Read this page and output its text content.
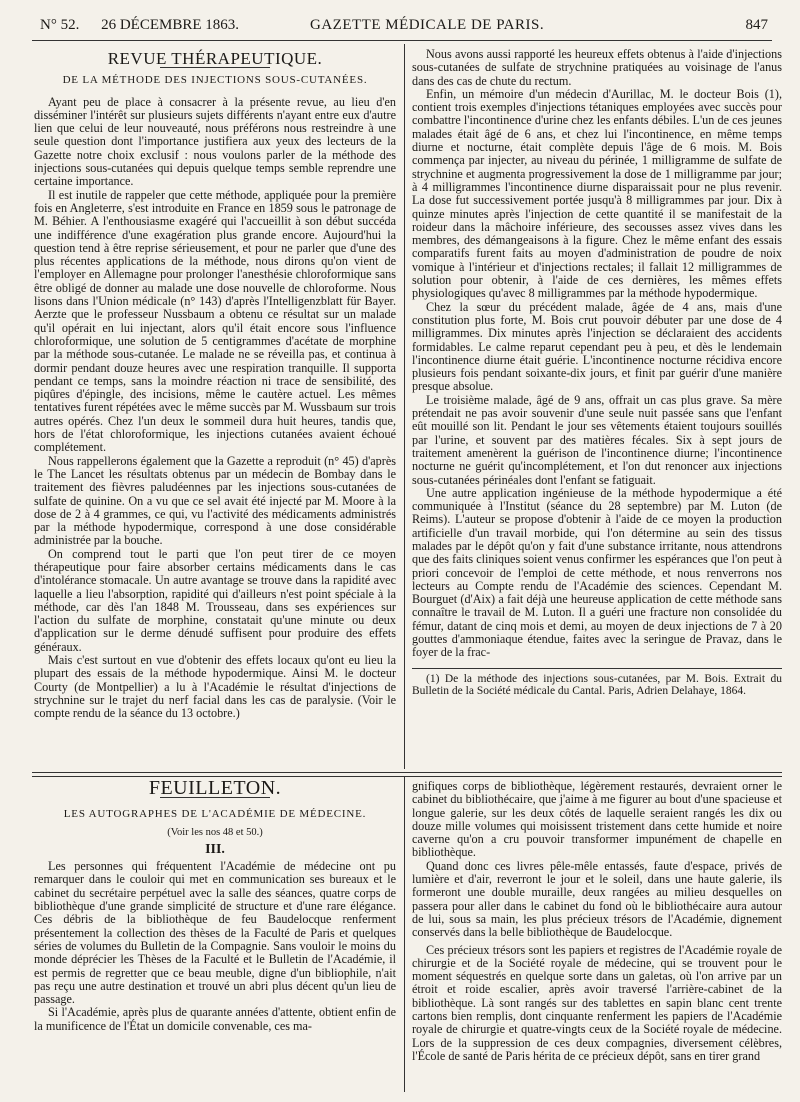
N° 52. 26 DÉCEMBRE 1863.	GAZETTE MÉDICALE DE PARIS.	847
REVUE THÉRAPEUTIQUE.
DE LA MÉTHODE DES INJECTIONS SOUS-CUTANÉES.

Ayant peu de place à consacrer à la présente revue, au lieu d'en disséminer l'intérêt sur plusieurs sujets différents n'ayant entre eux d'autre lien que celui de leur nouveauté, nous préférons nous restreindre à une seule question dont l'importance justifiera aux yeux des lecteurs de la Gazette notre choix exclusif : nous voulons parler de la méthode des injections sous-cutanées qui depuis quelque temps semble reprendre une certaine importance.

Il est inutile de rappeler que cette méthode, appliquée pour la première fois en Angleterre, s'est introduite en France en 1859 sous le patronage de M. Béhier. A l'enthousiasme exagéré qui l'accueillit à son début succéda une indifférence d'une exagération plus grande encore. Aujourd'hui la question tend à être reprise sérieusement, et pour ne parler que d'une des plus récentes applications de la méthode, nous dirons qu'on vient de l'employer en Allemagne pour prolonger l'anesthésie chloroformique sans être obligé de donner au malade une dose nouvelle de chloroforme. Nous lisons dans l'Union médicale (n° 143) d'après l'Intelligenzblatt für Bayer. Aerzte que le professeur Nussbaum a obtenu ce résultat sur un malade qu'il opérait en lui injectant, alors qu'il était encore sous l'influence chloroformique, une solution de 5 centigrammes d'acétate de morphine par la méthode sous-cutanée. Le malade ne se réveilla pas, et continua à dormir pendant douze heures avec une respiration tranquille. Il supporta pendant ce temps, sans la moindre réaction ni trace de sensibilité, des piqûres d'épingle, des incisions, même le cautère actuel. Les mêmes tentatives furent répétées avec le même succès par M. Wussbaum sur trois autres opérés. Chez l'un deux le sommeil dura huit heures, tandis que, hors de l'état chloroformique, les injections cutanées avaient échoué complétement.

Nous rappellerons également que la Gazette a reproduit (n° 45) d'après le The Lancet les résultats obtenus par un médecin de Bombay dans le traitement des fièvres paludéennes par les injections sous-cutanées de sulfate de quinine. On a vu que ce sel avait été injecté par M. Moore à la dose de 2 à 4 grammes, ce qui, vu l'activité des médicaments administrés par la méthode hypodermique, correspond à une dose considérable administrée par la bouche.

On comprend tout le parti que l'on peut tirer de ce moyen thérapeutique pour faire absorber certains médicaments dans le cas d'intolérance stomacale. Un autre avantage se trouve dans la rapidité avec laquelle a lieu l'absorption, rapidité qui d'ailleurs n'est point spéciale à la méthode, car dès l'an 1848 M. Trousseau, dans ses expériences sur l'action du sulfate de morphine, constatait qu'une minute ou deux d'application sur le derme dénudé suffisent pour produire des effets généraux.

Mais c'est surtout en vue d'obtenir des effets locaux qu'ont eu lieu la plupart des essais de la méthode hypodermique. Ainsi M. le docteur Courty (de Montpellier) a lu à l'Académie le résultat d'injections de strychnine sur le trajet du nerf facial dans les cas de paralysie. (Voir le compte rendu de la séance du 13 octobre.)

Nous avons aussi rapporté les heureux effets obtenus à l'aide d'injections sous-cutanées de sulfate de strychnine pratiquées au voisinage de l'anus dans des cas de chute du rectum.

Enfin, un mémoire d'un médecin d'Aurillac, M. le docteur Bois (1), contient trois exemples d'injections tétaniques employées avec succès pour combattre l'incontinence d'urine chez les enfants débiles. L'un de ces jeunes malades était âgé de 6 ans, et chez lui l'incontinence, en même temps diurne et nocturne, était complète depuis l'âge de 6 mois. M. Bois commença par injecter, au niveau du périnée, 1 milligramme de sulfate de strychnine et augmenta progressivement la dose de 1 milligramme par jour; à 4 milligrammes l'incontinence diurne disparaissait pour ne plus revenir. La dose fut successivement portée jusqu'à 8 milligrammes par jour. Dix à quinze minutes après l'injection de cette quantité il se manifestait de la roideur dans la mâchoire inférieure, des secousses assez vives dans les membres, des démangeaisons à la figure. Chez le même enfant des essais comparatifs furent faits au moyen d'administration de poudre de noix vomique à l'intérieur et d'injections rectales; il fallait 12 milligrammes de solution pour obtenir, à l'aide de ces dernières, les mêmes effets physiologiques qu'avec 8 milligrammes par la méthode hypodermique.

Chez la sœur du précédent malade, âgée de 4 ans, mais d'une constitution plus forte, M. Bois crut pouvoir débuter par une dose de 4 milligrammes. Dix minutes après l'injection se déclaraient des accidents formidables. Le calme reparut cependant peu à peu, et dès le lendemain l'incontinence diurne était guérie. L'incontinence nocturne récidiva encore plusieurs fois pendant soixante-dix jours, et finit par guérir d'une manière presque absolue.

Le troisième malade, âgé de 9 ans, offrait un cas plus grave. Sa mère prétendait ne pas avoir souvenir d'une seule nuit passée sans que l'enfant eût mouillé son lit. Pendant le jour ses vêtements étaient toujours souillés par l'urine, et souvent par des matières fécales. Six à sept jours de traitement amenèrent la guérison de l'incontinence diurne; l'incontinence nocturne ne guérit qu'incomplétement, et l'on dut renoncer aux injections sous-cutanées périnéales dont l'enfant se fatiguait.

Une autre application ingénieuse de la méthode hypodermique a été communiquée à l'Institut (séance du 28 septembre) par M. Luton (de Reims). L'auteur se propose d'obtenir à l'aide de ce moyen la production artificielle d'un travail morbide, qui l'on détermine au sein des tissus malades par le dépôt qu'on y fait d'une substance irritante, nous attendrons que des faits cliniques soient venus confirmer les espérances que l'on peut à priori concevoir de l'emploi de cette méthode, et nous renverrons nos lecteurs au Compte rendu de l'Académie des sciences. Cependant M. Bourguet (d'Aix) a fait déjà une heureuse application de cette méthode sans connaître le travail de M. Luton. Il a guéri une fracture non consolidée du fémur, datant de cinq mois et demi, au moyen de deux injections de 7 à 20 gouttes d'ammoniaque étendue, faites avec la seringue de Pravaz, dans le foyer de la frac-

(1) De la méthode des injections sous-cutanées, par M. Bois. Extrait du Bulletin de la Société médicale du Cantal. Paris, Adrien Delahaye, 1864.

FEUILLETON.
LES AUTOGRAPHES DE L'ACADÉMIE DE MÉDECINE.
(Voir les nos 48 et 50.)
III.

Les personnes qui fréquentent l'Académie de médecine ont pu remarquer dans le couloir qui met en communication ses bureaux et le cabinet du secrétaire perpétuel avec la salle des séances, quatre corps de bibliothèque d'une grande simplicité de structure et d'une rare élégance. Ces débris de la bibliothèque de feu Baudelocque renferment présentement la collection des thèses de la Faculté de Paris et quelques séries de volumes du Bulletin de la Compagnie. Sans vouloir le moins du monde déprécier les Thèses de la Faculté et le Bulletin de l'Académie, il est permis de regretter que ce beau meuble, digne d'un bibliophile, n'ait pas reçu une autre destination et trouvé un abri plus décent qu'un lieu de passage.

Si l'Académie, après plus de quarante années d'attente, obtient enfin de la munificence de l'État un domicile convenable, ces ma-

gnifiques corps de bibliothèque, légèrement restaurés, devraient orner le cabinet du bibliothécaire, que j'aime à me figurer au bout d'une spacieuse et longue galerie, sur les deux côtés de laquelle seraient rangés les dix ou douze mille volumes qui moisissent tristement dans cette humide et noire caverne qu'on a cru pouvoir transformer impunément de chapelle en bibliothèque.

Quand donc ces livres pêle-mêle entassés, faute d'espace, privés de lumière et d'air, reverront le jour et le soleil, dans une haute galerie, ils formeront une double muraille, deux rangées au milieu desquelles on passera pour aller dans le cabinet du fond où le bibliothécaire aura autour de lui, sous sa main, les plus précieux trésors de l'Académie, dignement conservés dans la belle bibliothèque de Baudelocque.

Ces précieux trésors sont les papiers et registres de l'Académie royale de chirurgie et de la Société royale de médecine, qui se trouvent pour le moment séquestrés en quelque sorte dans un galetas, où l'on arrive par un étroit et roide escalier, après avoir traversé l'arrière-cabinet de la bibliothèque. Là sont rangés sur des tablettes en sapin blanc cent trente cartons bien remplis, dont cinquante renferment les papiers de l'Académie royale de chirurgie et quatre-vingts ceux de la Société royale de médecine. Lors de la suppression de ces deux compagnies, diversement célèbres, l'École de santé de Paris hérita de ce précieux dépôt, sans en tirer grand
